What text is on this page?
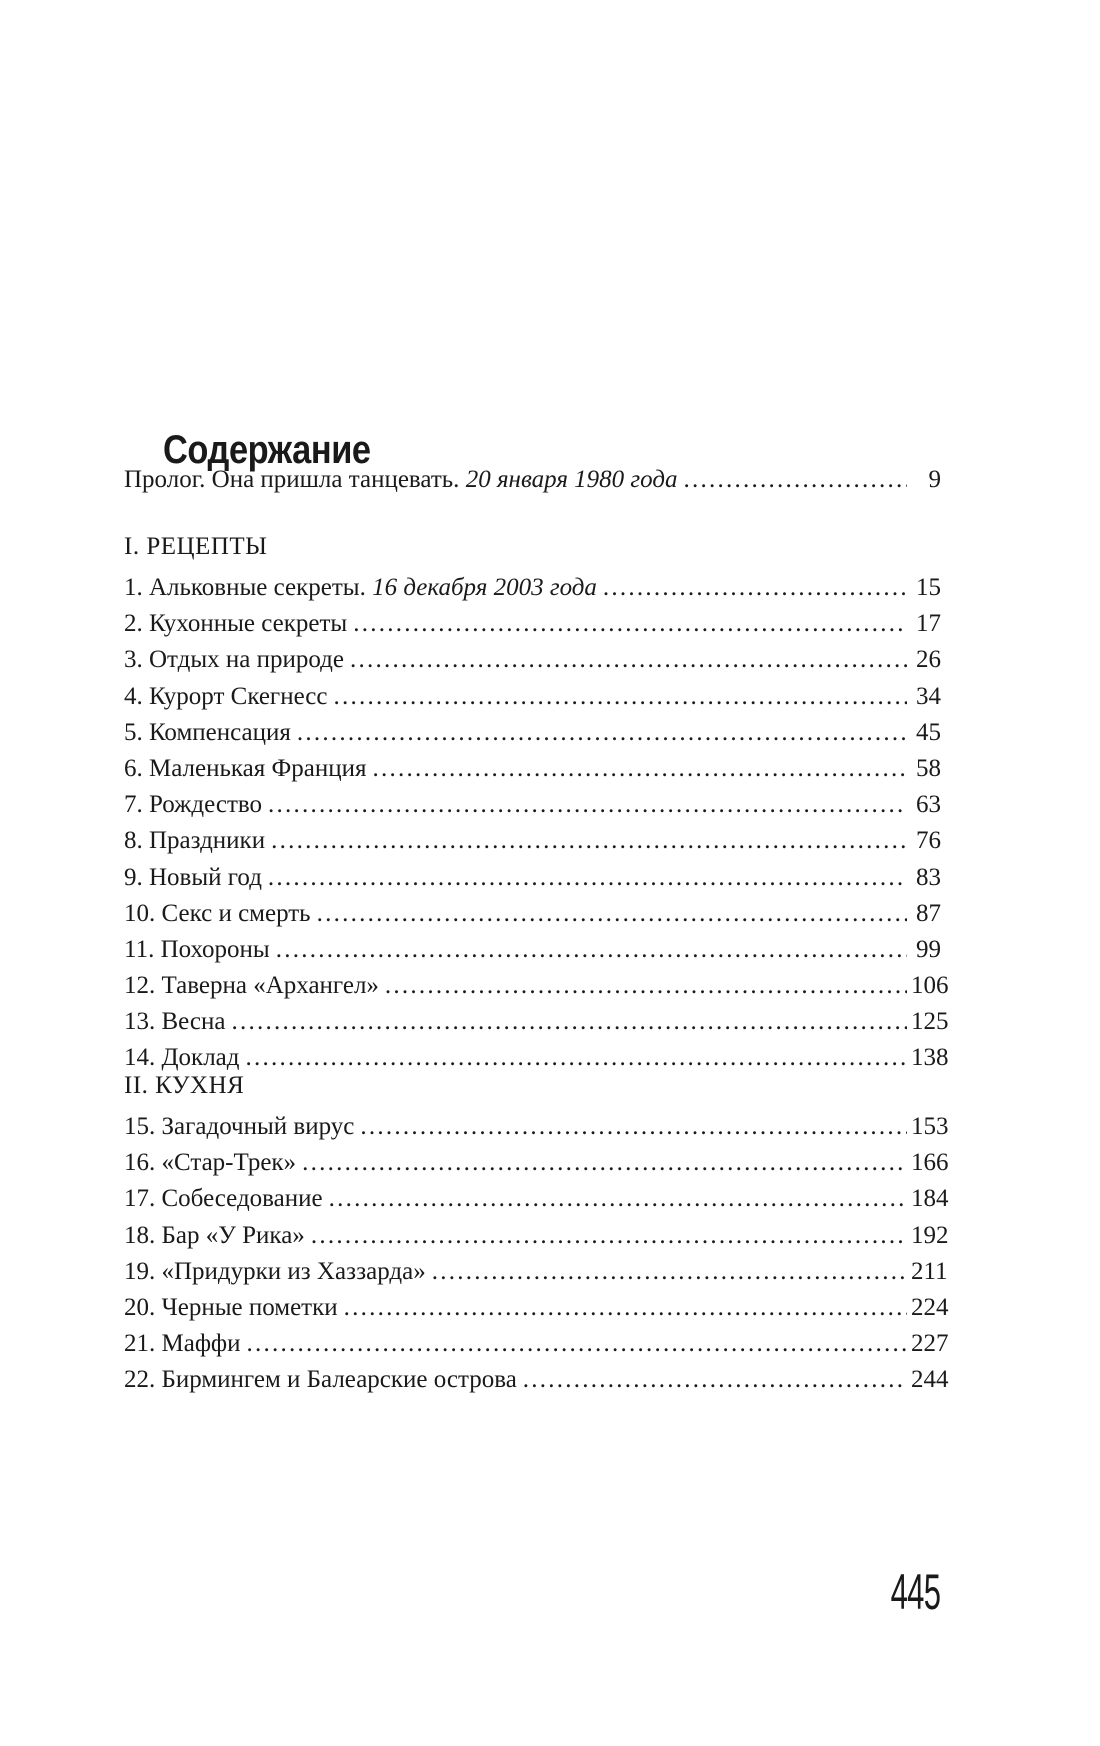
Содержание
Пролог. Она пришла танцевать. 20 января 1980 года . . .	9
I. РЕЦЕПТЫ
1. Альковные секреты. 16 декабря 2003 года . . .	15
2. Кухонные секреты . . .	17
3. Отдых на природе . . .	26
4. Курорт Скегнесс . . .	34
5. Компенсация . . .	45
6. Маленькая Франция . . .	58
7. Рождество . . .	63
8. Праздники . . .	76
9. Новый год . . .	83
10. Секс и смерть . . .	87
11. Похороны . . .	99
12. Таверна «Архангел» . . .	106
13. Весна . . .	125
14. Доклад . . .	138
II. КУХНЯ
15. Загадочный вирус . . .	153
16. «Стар-Трек» . . .	166
17. Собеседование . . .	184
18. Бар «У Рика» . . .	192
19. «Придурки из Хаззарда» . . .	211
20. Черные пометки . . .	224
21. Маффи . . .	227
22. Бирмингем и Балеарские острова . . .	244
445
